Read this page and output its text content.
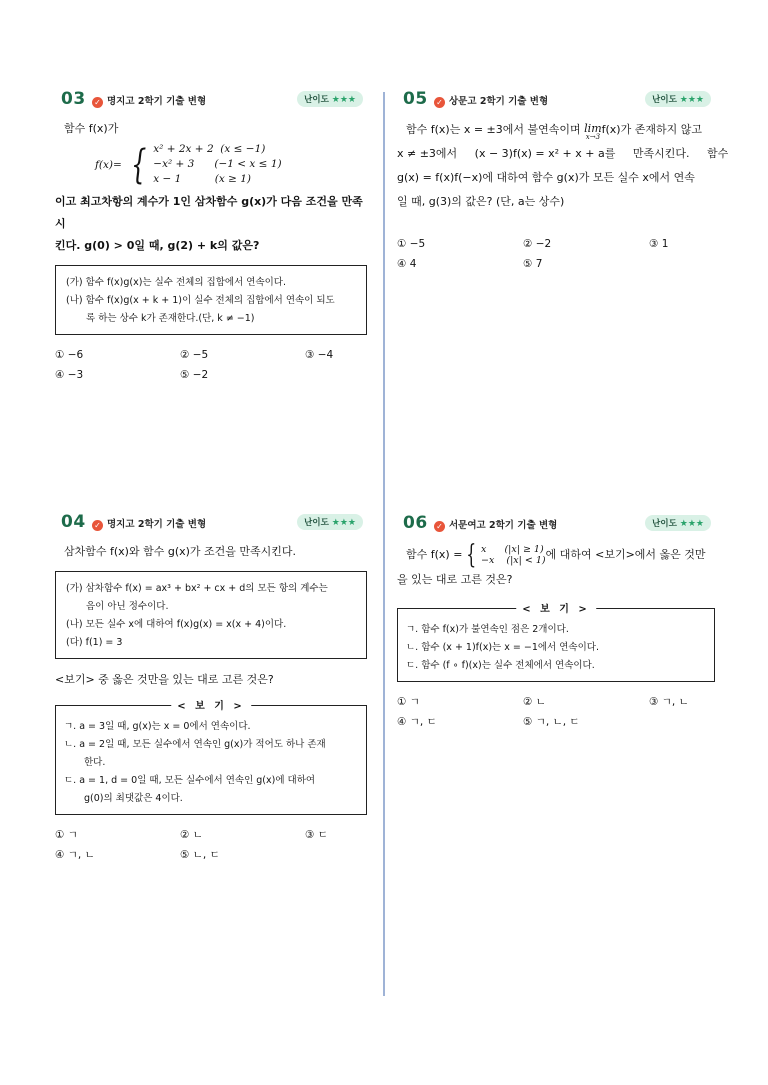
03 ✓ 명지고 2학기 기출 변형	난이도 ★★★

함수 f(x)가

f(x)= { x² + 2x + 2  (x ≤ −1)
−x² + 3      (−1 < x ≤ 1)
x − 1          (x ≥ 1)

이고 최고차항의 계수가 1인 삼차함수 g(x)가 다음 조건을 만족시

킨다. g(0) > 0일 때, g(2) + k의 값은?

(가) 함수 f(x)g(x)는 실수 전체의 집합에서 연속이다.
(나) 함수 f(x)g(x + k + 1)이 실수 전체의 집합에서 연속이 되도
록 하는 상수 k가 존재한다.(단, k ≠ −1)
① −6	② −5	③ −4
④ −3	⑤ −2
05 ✓ 상문고 2학기 기출 변형	난이도 ★★★

함수 f(x)는 x = ±3에서 불연속이며 lim
x→3
f(x)가 존재하지 않고

x ≠ ±3에서     (x − 3)f(x) = x² + x + a를     만족시킨다.     함수

g(x) = f(x)f(−x)에 대하여 함수 g(x)가 모든 실수 x에서 연속

일 때, g(3)의 값은? (단, a는 상수)

① −5	② −2	③ 1
④ 4	⑤ 7
04 ✓ 명지고 2학기 기출 변형	난이도 ★★★

삼차함수 f(x)와 함수 g(x)가 조건을 만족시킨다.

(가) 삼차함수 f(x) = ax³ + bx² + cx + d의 모든 항의 계수는
음이 아닌 정수이다.
(나) 모든 실수 x에 대하여 f(x)g(x) = x(x + 4)이다.
(다) f(1) = 3

<보기> 중 옳은 것만을 있는 대로 고른 것은?

< 보 기 >
ㄱ. a = 3일 때, g(x)는 x = 0에서 연속이다.
ㄴ. a = 2일 때, 모든 실수에서 연속인 g(x)가 적어도 하나 존재
한다.
ㄷ. a = 1, d = 0일 때, 모든 실수에서 연속인 g(x)에 대하여
g(0)의 최댓값은 4이다.
① ㄱ	② ㄴ	③ ㄷ
④ ㄱ, ㄴ	⑤ ㄴ, ㄷ
06 ✓ 서문여고 2학기 기출 변형	난이도 ★★★
함수 f(x) = { x      (|x| ≥ 1)
−x    (|x| < 1) 에 대하여 <보기>에서 옳은 것만

을 있는 대로 고른 것은?

< 보 기 >
ㄱ. 함수 f(x)가 불연속인 점은 2개이다.
ㄴ. 함수 (x + 1)f(x)는 x = −1에서 연속이다.
ㄷ. 함수 (f ∘ f)(x)는 실수 전체에서 연속이다.
① ㄱ	② ㄴ	③ ㄱ, ㄴ
④ ㄱ, ㄷ	⑤ ㄱ, ㄴ, ㄷ
